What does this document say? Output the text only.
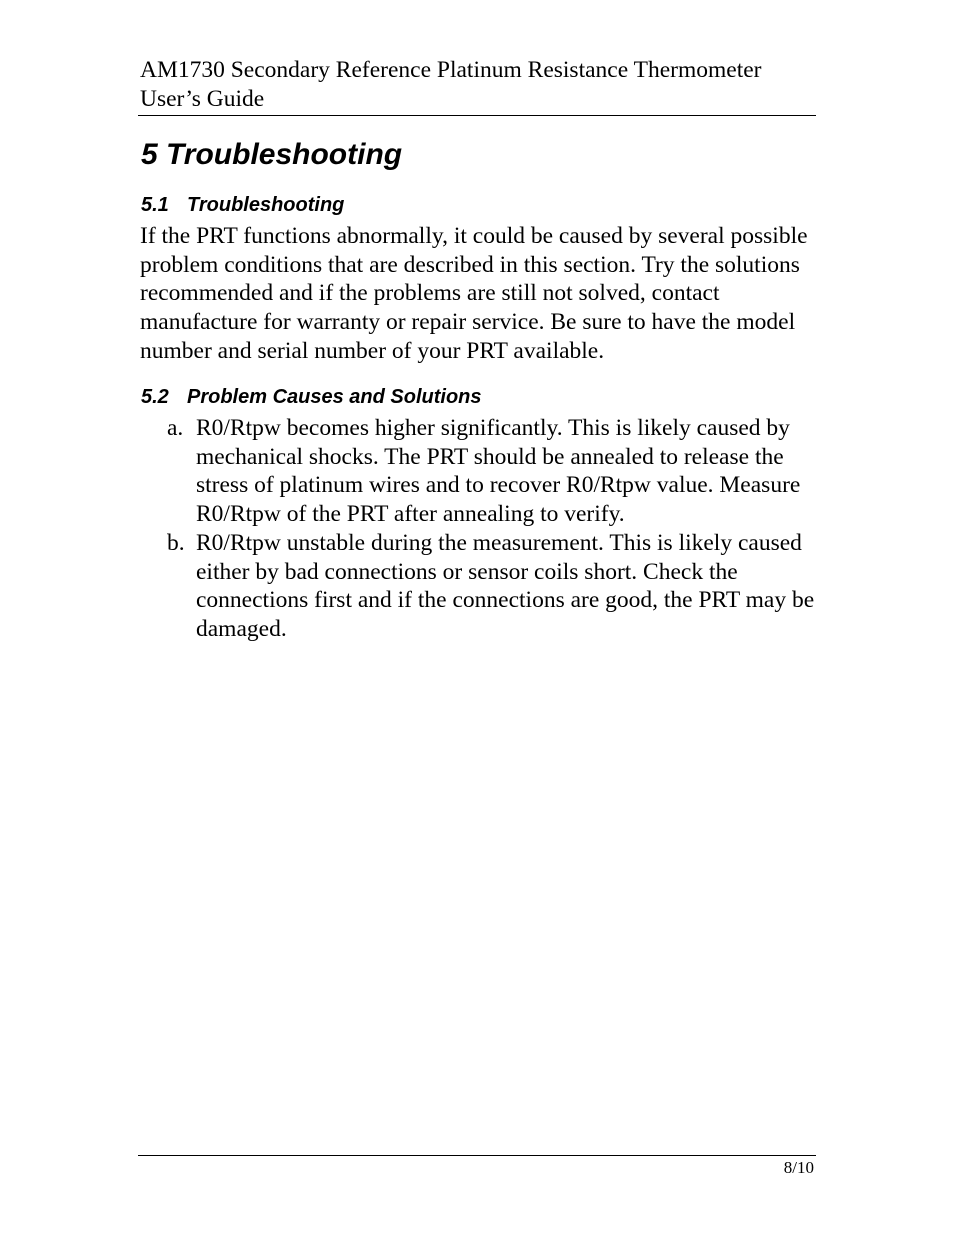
AM1730 Secondary Reference Platinum Resistance Thermometer
User’s Guide
5 Troubleshooting
5.1 Troubleshooting
If the PRT functions abnormally, it could be caused by several possible problem conditions that are described in this section. Try the solutions recommended and if the problems are still not solved, contact manufacture for warranty or repair service. Be sure to have the model number and serial number of your PRT available.
5.2 Problem Causes and Solutions
a. R0/Rtpw becomes higher significantly. This is likely caused by mechanical shocks. The PRT should be annealed to release the stress of platinum wires and to recover R0/Rtpw value. Measure R0/Rtpw of the PRT after annealing to verify.
b. R0/Rtpw unstable during the measurement. This is likely caused either by bad connections or sensor coils short. Check the connections first and if the connections are good, the PRT may be damaged.
8/10
